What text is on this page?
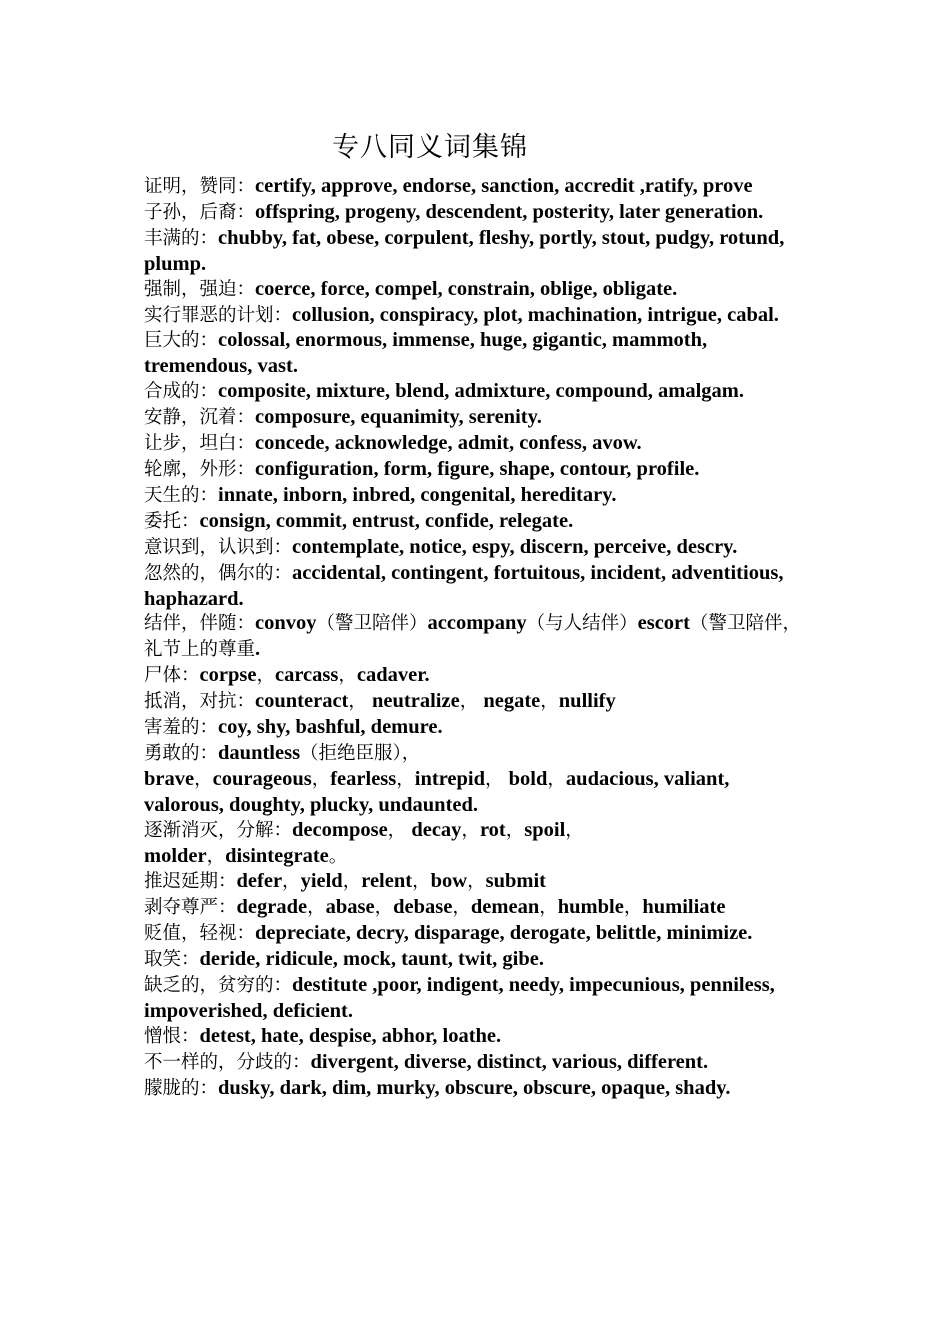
专八同义词集锦

证明，赞同：certify, approve, endorse, sanction, accredit ,ratify, prove

子孙，后裔：offspring, progeny, descendent, posterity, later generation.

丰满的：chubby, fat, obese, corpulent, fleshy, portly, stout, pudgy, rotund, plump.

强制，强迫：coerce, force, compel, constrain, oblige, obligate.

实行罪恶的计划：collusion, conspiracy, plot, machination, intrigue, cabal.

巨大的：colossal, enormous, immense, huge, gigantic, mammoth, tremendous, vast.

合成的：composite, mixture, blend, admixture, compound, amalgam.

安静，沉着：composure, equanimity, serenity.

让步，坦白：concede, acknowledge, admit, confess, avow.

轮廓，外形：configuration, form, figure, shape, contour, profile.

天生的：innate, inborn, inbred, congenital, hereditary.

委托：consign, commit, entrust, confide, relegate.

意识到，认识到：contemplate, notice, espy, discern, perceive, descry.

忽然的，偶尔的：accidental, contingent, fortuitous, incident, adventitious, haphazard.

结伴，伴随：convoy（警卫陪伴）accompany（与人结伴）escort（警卫陪伴，礼节上的尊重.

尸体：corpse，carcass，cadaver.

抵消，对抗：counteract， neutralize， negate，nullify

害羞的：coy, shy, bashful, demure.

勇敢的：dauntless（拒绝臣服），
brave，courageous，fearless，intrepid， bold，audacious, valiant, valorous, doughty, plucky, undaunted.

逐渐消灭，分解：decompose， decay，rot，spoil，
molder，disintegrate。

推迟延期：defer，yield，relent，bow，submit

剥夺尊严：degrade，abase，debase，demean，humble，humiliate

贬值，轻视：depreciate, decry, disparage, derogate, belittle, minimize.

取笑：deride, ridicule, mock, taunt, twit, gibe.

缺乏的，贫穷的：destitute ,poor, indigent, needy, impecunious, penniless, impoverished, deficient.

憎恨：detest, hate, despise, abhor, loathe.

不一样的，分歧的：divergent, diverse, distinct, various, different.

朦胧的：dusky, dark, dim, murky, obscure, obscure, opaque, shady.
